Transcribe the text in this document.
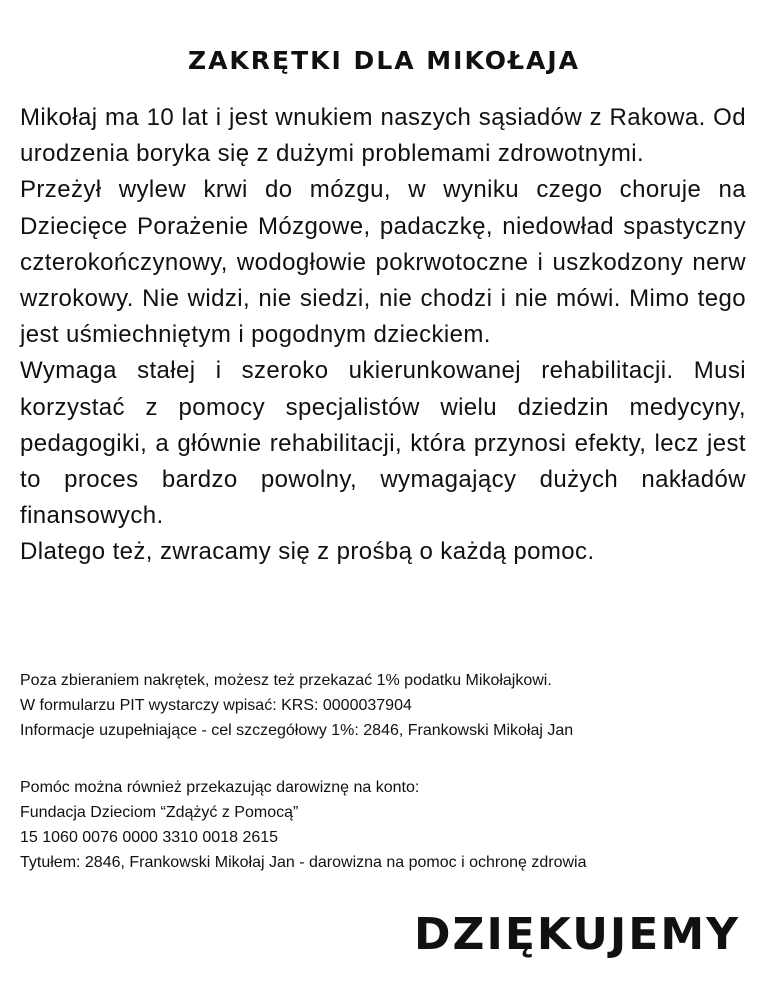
ZAKRĘTKI DLA MIKOŁAJA

Mikołaj ma 10 lat i jest wnukiem naszych sąsiadów z Rakowa. Od urodzenia boryka się z dużymi problemami zdrowotnymi.

Przeżył wylew krwi do mózgu, w wyniku czego choruje na Dziecięce Porażenie Mózgowe, padaczkę, niedowład spastyczny czterokończynowy, wodogłowie pokrwotoczne i uszkodzony nerw wzrokowy. Nie widzi, nie siedzi, nie chodzi i nie mówi. Mimo tego jest uśmiechniętym i pogodnym dzieckiem.

Wymaga stałej i szeroko ukierunkowanej rehabilitacji. Musi korzystać z pomocy specjalistów wielu dziedzin medycyny, pedagogiki, a głównie rehabilitacji, która przynosi efekty, lecz jest to proces bardzo powolny, wymagający dużych nakładów finansowych.

Dlatego też, zwracamy się z prośbą o każdą pomoc.

Poza zbieraniem nakrętek, możesz też przekazać 1% podatku Mikołajkowi.
W formularzu PIT wystarczy wpisać: KRS: 0000037904
Informacje uzupełniające - cel szczegółowy 1%: 2846, Frankowski Mikołaj Jan
Pomóc można również przekazując darowiznę na konto:
Fundacja Dzieciom “Zdążyć z Pomocą”
15 1060 0076 0000 3310 0018 2615
Tytułem: 2846, Frankowski Mikołaj Jan - darowizna na pomoc i ochronę zdrowia
DZIĘKUJEMY
